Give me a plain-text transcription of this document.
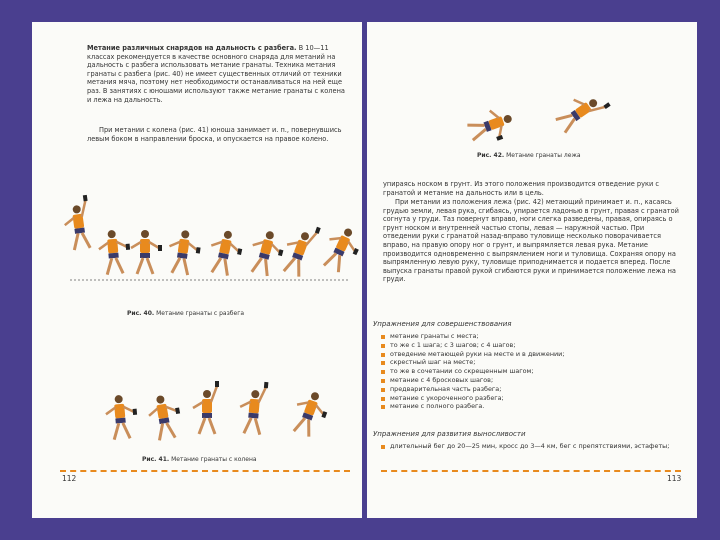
Метание различных снарядов на дальность с разбега. В 10—11 классах рекомендуется в качестве основного снаряда для метаний на дальность с разбега использовать метание гранаты. Техника метания гранаты с разбега (рис. 40) не имеет существенных отличий от техники метания мяча, поэтому нет необходимости останавливаться на ней еще раз. В занятиях с юношами используют также метание гранаты с колена и лежа на дальность.
При метании с колена (рис. 41) юноша занимает и. п., повернувшись левым боком в направлении броска, и опускается на правое колено.
Рис. 40. Метание гранаты с разбега
Рис. 41. Метание гранаты с колена
112
Рис. 42. Метание гранаты лежа
упираясь носком в грунт. Из этого положения производится отведение руки с гранатой и метание на дальность или в цель.
При метании из положения лежа (рис. 42) метающий принимает и. п., касаясь грудью земли, левая рука, сгибаясь, упирается ладонью в грунт, правая с гранатой согнута у груди. Таз повернут вправо, ноги слегка разведены, правая, опираясь о грунт носком и внутренней частью стопы, левая — наружной частью. При отведении руки с гранатой назад-вправо туловище несколько поворачивается вправо, на правую опору ног о грунт, и выпрямляется левая рука. Метание производится одновременно с выпрямлением ноги и туловища. Сохраняя опору на выпрямленную левую руку, туловище приподнимается и подается вперед. После выпуска гранаты правой рукой сгибаются руки и принимается положение лежа на груди.
Упражнения для совершенствования
метание гранаты с места;
то же с 1 шага; с 3 шагов; с 4 шагов;
отведение метающей руки на месте и в движении;
скрестный шаг на месте;
то же в сочетании со скрещенным шагом;
метание с 4 бросковых шагов;
предварительная часть разбега;
метание с укороченного разбега;
метание с полного разбега.
Упражнения для развития выносливости
длительный бег до 20—25 мин, кросс до 3—4 км, бег с препятствиями, эстафеты;
113
